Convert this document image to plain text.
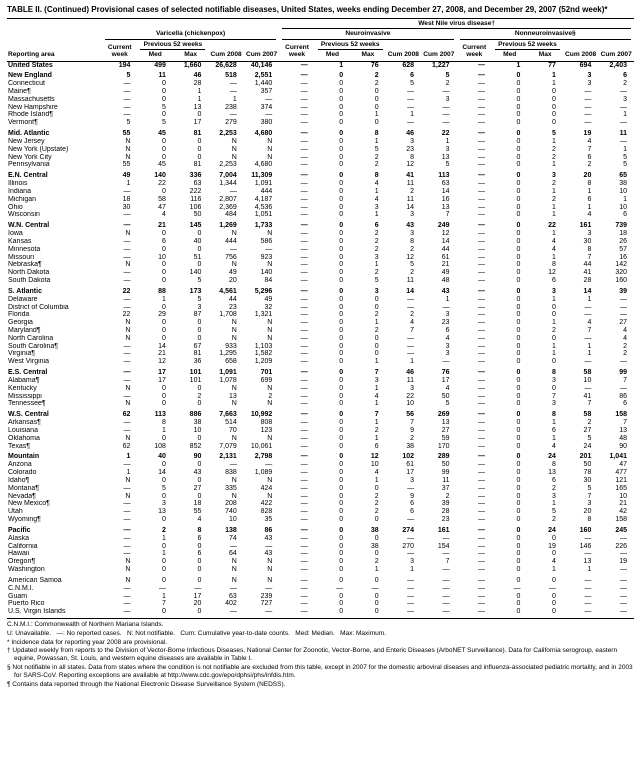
TABLE II. (Continued) Provisional cases of selected notifiable diseases, United States, weeks ending December 27, 2008, and December 29, 2007 (52nd week)*
Reporting area						West Nile virus disease†									

	Varicella (chickenpox)					Neuroinvasive					Nonneuroinvasive§				

	Current week	Previous 52 weeks		Cum 2008	Cum 2007	Current week	Previous 52 weeks		Cum 2008	Cum 2007	Current week	Previous 52 weeks		Cum 2008	Cum 2007
		Med	Max				Med	Max				Med	Max		
United States	194	499	1,660	26,628	40,146	—	1	76	628	1,227	—	1	77	694	2,403
New England	5	11	46	518	2,551	—	0	2	6	5	—	0	1	3	6
Connecticut	—	0	28	—	1,440	—	0	2	5	2	—	0	1	3	2
Maine¶	—	0	1	—	357	—	0	0	—	—	—	0	0	—	—
Massachusetts	—	0	1	1	—	—	0	0	—	3	—	0	0	—	3
New Hampshire	—	5	13	238	374	—	0	0	—	—	—	0	0	—	—
Rhode Island¶	—	0	0	—	—	—	0	1	1	—	—	0	0	—	1
Vermont¶	5	5	17	279	380	—	0	0	—	—	—	0	0	—	—
Mid. Atlantic	55	45	81	2,253	4,680	—	0	8	46	22	—	0	5	19	11
New Jersey	N	0	0	N	N	—	0	1	3	1	—	0	1	4	—
New York (Upstate)	N	0	0	N	N	—	0	5	23	3	—	0	2	7	1
New York City	N	0	0	N	N	—	0	2	8	13	—	0	2	6	5
Pennsylvania	55	45	81	2,253	4,680	—	0	2	12	5	—	0	1	2	5
E.N. Central	49	140	336	7,004	11,309	—	0	8	41	113	—	0	3	20	65
Illinois	1	22	63	1,344	1,091	—	0	4	11	63	—	0	2	8	38
Indiana	—	0	222	—	444	—	0	1	2	14	—	0	1	1	10
Michigan	18	58	116	2,807	4,187	—	0	4	11	16	—	0	2	6	1
Ohio	30	47	106	2,369	4,536	—	0	3	14	13	—	0	1	1	10
Wisconsin	—	4	50	484	1,051	—	0	1	3	7	—	0	1	4	6
W.N. Central	—	21	145	1,269	1,733	—	0	6	43	249	—	0	22	161	739
Iowa	N	0	0	N	N	—	0	2	3	12	—	0	1	3	18
Kansas	—	6	40	444	586	—	0	2	8	14	—	0	4	30	26
Minnesota	—	0	0	—	—	—	0	2	2	44	—	0	4	8	57
Missouri	—	10	51	756	923	—	0	3	12	61	—	0	1	7	16
Nebraska¶	N	0	0	N	N	—	0	1	5	21	—	0	8	44	142
North Dakota	—	0	140	49	140	—	0	2	2	49	—	0	12	41	320
South Dakota	—	0	5	20	84	—	0	5	11	48	—	0	6	28	160
S. Atlantic	22	88	173	4,561	5,296	—	0	3	14	43	—	0	3	14	39
Delaware	—	1	5	44	49	—	0	0	—	1	—	0	1	1	—
District of Columbia	—	0	3	23	32	—	0	0	—	—	—	0	0	—	—
Florida	22	29	87	1,708	1,321	—	0	2	2	3	—	0	0	—	—
Georgia	N	0	0	N	N	—	0	1	4	23	—	0	1	4	27
Maryland¶	N	0	0	N	N	—	0	2	7	6	—	0	2	7	4
North Carolina	N	0	0	N	N	—	0	0	—	4	—	0	0	—	4
South Carolina¶	—	14	67	933	1,103	—	0	0	—	3	—	0	1	1	2
Virginia¶	—	21	81	1,295	1,582	—	0	0	—	3	—	0	1	1	2
West Virginia	—	12	36	658	1,209	—	0	1	1	—	—	0	0	—	—
E.S. Central	—	17	101	1,091	701	—	0	7	46	76	—	0	8	58	99
Alabama¶	—	17	101	1,078	699	—	0	3	11	17	—	0	3	10	7
Kentucky	N	0	0	N	N	—	0	1	3	4	—	0	0	—	—
Mississippi	—	0	2	13	2	—	0	4	22	50	—	0	7	41	86
Tennessee¶	N	0	0	N	N	—	0	1	10	5	—	0	3	7	6
W.S. Central	62	113	886	7,663	10,992	—	0	7	56	269	—	0	8	58	158
Arkansas¶	—	8	38	514	808	—	0	1	7	13	—	0	1	2	7
Louisiana	—	1	10	70	123	—	0	2	9	27	—	0	6	27	13
Oklahoma	N	0	0	N	N	—	0	1	2	59	—	0	1	5	48
Texas¶	62	108	852	7,079	10,061	—	0	6	38	170	—	0	4	24	90
Mountain	1	40	90	2,131	2,798	—	0	12	102	289	—	0	24	201	1,041
Arizona	—	0	0	—	—	—	0	10	61	50	—	0	8	50	47
Colorado	1	14	43	838	1,089	—	0	4	17	99	—	0	13	78	477
Idaho¶	N	0	0	N	N	—	0	1	3	11	—	0	6	30	121
Montana¶	—	5	27	335	424	—	0	0	—	37	—	0	2	5	165
Nevada¶	N	0	0	N	N	—	0	2	9	2	—	0	3	7	10
New Mexico¶	—	3	18	208	422	—	0	2	6	39	—	0	1	3	21
Utah	—	13	55	740	828	—	0	2	6	28	—	0	5	20	42
Wyoming¶	—	0	4	10	35	—	0	0	—	23	—	0	2	8	158
Pacific	—	2	8	138	86	—	0	38	274	161	—	0	24	160	245
Alaska	—	1	6	74	43	—	0	0	—	—	—	0	0	—	—
California	—	0	0	—	—	—	0	38	270	154	—	0	19	146	226
Hawaii	—	1	6	64	43	—	0	0	—	—	—	0	0	—	—
Oregon¶	N	0	0	N	N	—	0	2	3	7	—	0	4	13	19
Washington	N	0	0	N	N	—	0	1	1	—	—	0	1	1	—
American Samoa	N	0	0	N	N	—	0	0	—	—	—	0	0	—	—
C.N.M.I.	—	—	—	—	—	—	—	—	—	—	—	—	—	—	—
Guam	—	1	17	63	239	—	0	0	—	—	—	0	0	—	—
Puerto Rico	—	7	20	402	727	—	0	0	—	—	—	0	0	—	—
U.S. Virgin Islands	—	0	0	—	—	—	0	0	—	—	—	0	0	—	—

C.N.M.I.: Commonwealth of Northern Mariana Islands.

U: Unavailable.   —: No reported cases.   N: Not notifiable.   Cum: Cumulative year-to-date counts.   Med: Median.   Max: Maximum.

* Incidence data for reporting year 2008 are provisional.

† Updated weekly from reports to the Division of Vector-Borne Infectious Diseases, National Center for Zoonotic, Vector-Borne, and Enteric Diseases (ArboNET Surveillance). Data for California serogroup, eastern equine, Powassan, St. Louis, and western equine diseases are available in Table I.

§ Not notifiable in all states. Data from states where the condition is not notifiable are excluded from this table, except in 2007 for the domestic arboviral diseases and influenza-associated pediatric mortality, and in 2003 for SARS-CoV. Reporting exceptions are available at http://www.cdc.gov/epo/dphsi/phs/infdis.htm.

¶ Contains data reported through the National Electronic Disease Surveillance System (NEDSS).
